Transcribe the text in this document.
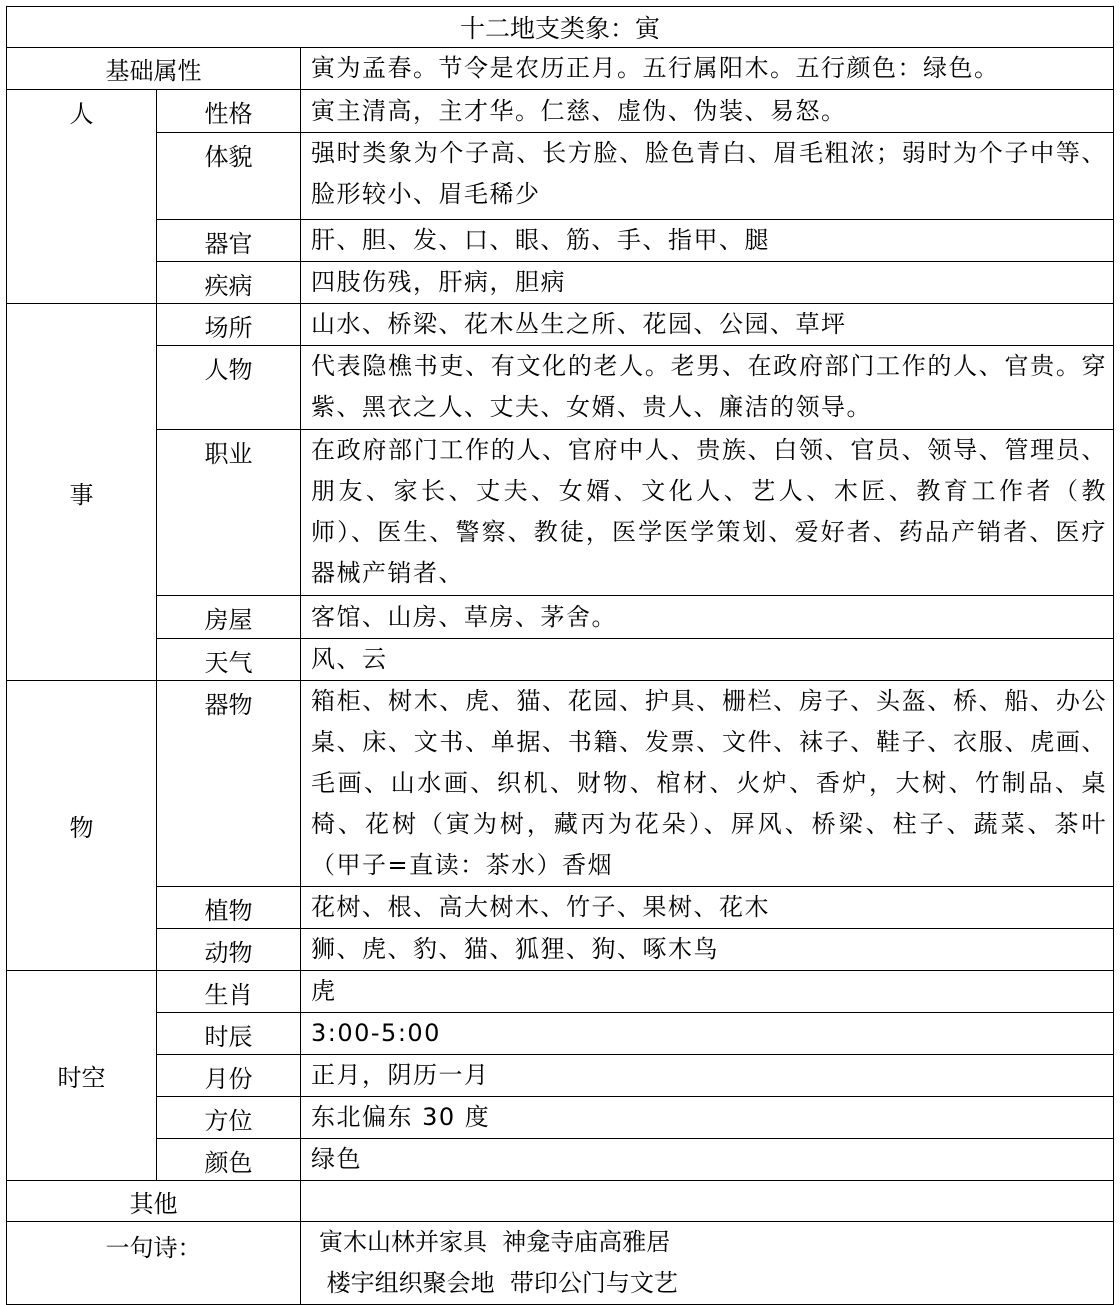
十二地支类象：寅		
基础属性		寅为孟春。节令是农历正月。五行属阳木。五行颜色：绿色。
人	性格	寅主清高，主才华。仁慈、虚伪、伪装、易怒。
	体貌	强时类象为个子高、长方脸、脸色青白、眉毛粗浓；弱时为个子中等、脸形较小、眉毛稀少
	器官	肝、胆、发、口、眼、筋、手、指甲、腿
	疾病	四肢伤残，肝病，胆病
事	场所	山水、桥梁、花木丛生之所、花园、公园、草坪
	人物	代表隐樵书吏、有文化的老人。老男、在政府部门工作的人、官贵。穿紫、黑衣之人、丈夫、女婿、贵人、廉洁的领导。
	职业	在政府部门工作的人、官府中人、贵族、白领、官员、领导、管理员、朋友、家长、丈夫、女婿、文化人、艺人、木匠、教育工作者（教师）、医生、警察、教徒，医学医学策划、爱好者、药品产销者、医疗器械产销者、
	房屋	客馆、山房、草房、茅舍。
	天气	风、云
物	器物	箱柜、树木、虎、猫、花园、护具、栅栏、房子、头盔、桥、船、办公桌、床、文书、单据、书籍、发票、文件、袜子、鞋子、衣服、虎画、毛画、山水画、织机、财物、棺材、火炉、香炉，大树、竹制品、桌椅、花树（寅为树，藏丙为花朵）、屏风、桥梁、柱子、蔬菜、茶叶（甲子=直读：茶水）香烟
	植物	花树、根、高大树木、竹子、果树、花木
	动物	狮、虎、豹、猫、狐狸、狗、啄木鸟
时空	生肖	虎
	时辰	3:00-5:00
	月份	正月，阴历一月
	方位	东北偏东 30 度
	颜色	绿色
其他		
一句诗：		寅木山林并家具  神龛寺庙高雅居
楼宇组织聚会地  带印公门与文艺
